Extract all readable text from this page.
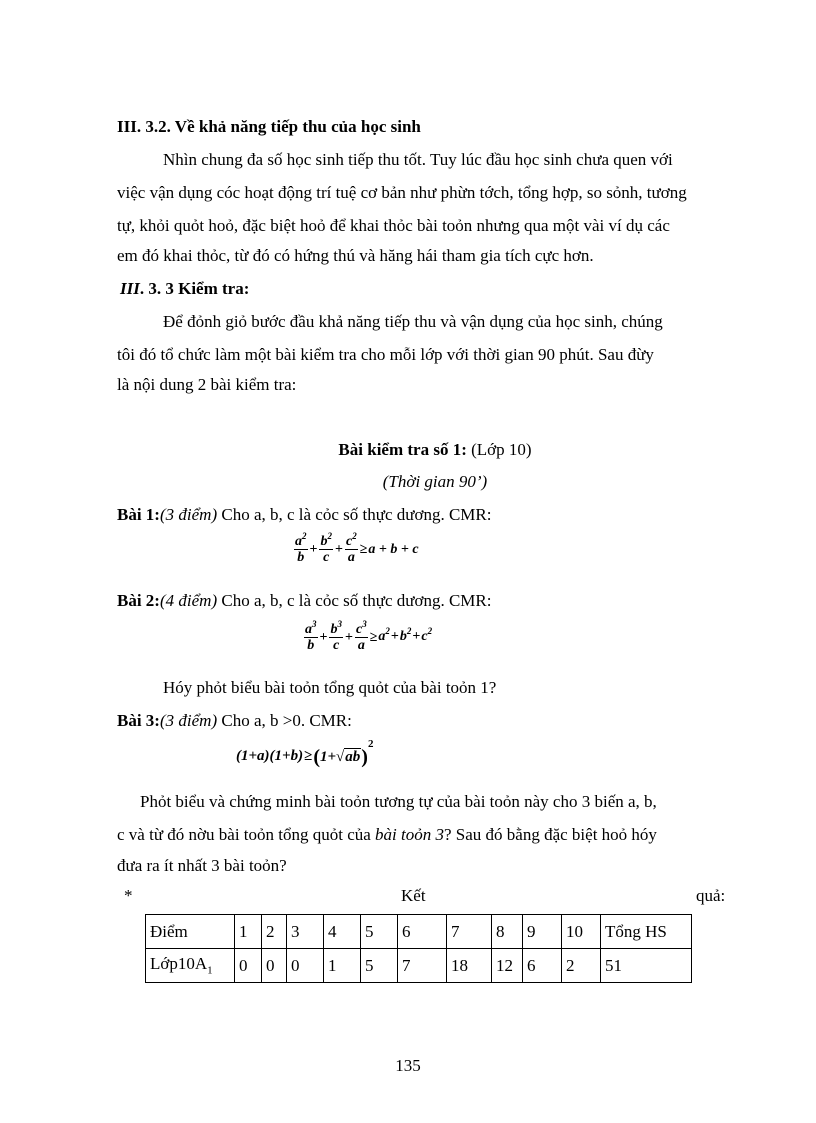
III. 3.2. Về khả năng tiếp thu của học sinh
Nhìn chung đa số học sinh tiếp thu tốt. Tuy lúc đầu học sinh chưa quen với
việc vận dụng cóc hoạt động trí tuệ cơ bản như phừn tớch, tổng hợp, so sỏnh, tương
tự, khỏi quỏt hoỏ, đặc biệt hoỏ để khai thỏc bài toỏn nhưng qua một vài ví dụ các
em đó khai thỏc, từ đó có hứng thú và hăng hái tham gia tích cực hơn.
III. 3. 3 Kiểm tra:
Để đỏnh giỏ bước đầu khả năng tiếp thu và vận dụng của học sinh, chúng
tôi đó tổ chức làm một bài kiểm tra cho mỗi lớp với thời gian 90 phút. Sau đừy
là nội dung 2 bài kiểm tra:
Bài kiểm tra số 1: (Lớp 10)
(Thời gian 90’)
Bài 1:(3 điểm) Cho a, b, c là cỏc số thực dương. CMR:
$\frac{a^2}{b} + \frac{b^2}{c} + \frac{c^2}{a} \ge a + b + c$
Bài 2:(4 điểm) Cho a, b, c là cỏc số thực dương. CMR:
$\frac{a^3}{b} + \frac{b^3}{c} + \frac{c^3}{a} \ge a^2+b^2+c^2$
Hóy phỏt biểu bài toỏn tổng quỏt của bài toỏn 1?
Bài 3:(3 điểm) Cho a, b >0. CMR:
$(1+a)(1+b)\ge(1+√ab)^2$
Phỏt biểu và chứng minh bài toỏn tương tự của bài toỏn này cho 3 biến a, b,
c và từ đó nờu bài toỏn tổng quỏt của bài toỏn 3? Sau đó bằng đặc biệt hoỏ hóy
đưa ra ít nhất 3 bài toỏn?
*	Kết	quả:
Điểm	1	2	3	4	5	6	7	8	9	10	Tổng HS
$Lớp10A_1$	0	0	0	1	5	7	18	12	6	2	51
135
